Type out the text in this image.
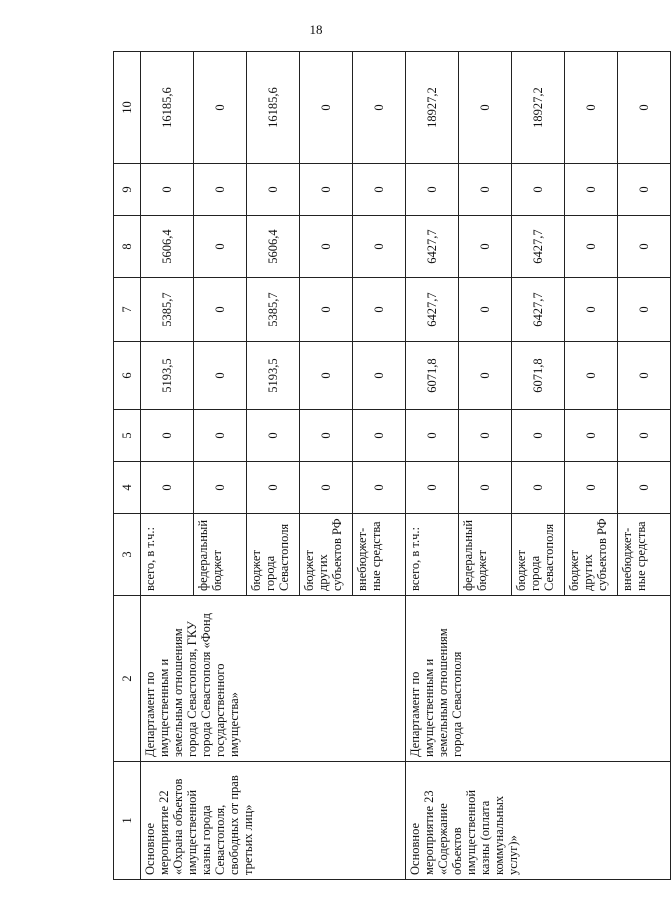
18
1	2	3	4	5	6	7	8	9	10
Основное мероприятие 22 «Охрана объектов имущественной казны города Севастополя, свободных от прав третьих лиц»	Департамент по имущественным и земельным отношениям города Севастополя, ГКУ города Севастополя «Фонд государственного имущества»	всего, в т.ч.:	0	0	5193,5	5385,7	5606,4	0	16185,6
		федеральный бюджет	0	0	0	0	0	0	0
		бюджет города Севастополя	0	0	5193,5	5385,7	5606,4	0	16185,6
		бюджет других субъектов РФ	0	0	0	0	0	0	0
		внебюджет-ные средства	0	0	0	0	0	0	0
Основное мероприятие 23 «Содержание объектов имущественной казны (оплата коммунальных услуг)»	Департамент по имущественным и земельным отношениям города Севастополя	всего, в т.ч.:	0	0	6071,8	6427,7	6427,7	0	18927,2
		федеральный бюджет	0	0	0	0	0	0	0
		бюджет города Севастополя	0	0	6071,8	6427,7	6427,7	0	18927,2
		бюджет других субъектов РФ	0	0	0	0	0	0	0
		внебюджет-ные средства	0	0	0	0	0	0	0
